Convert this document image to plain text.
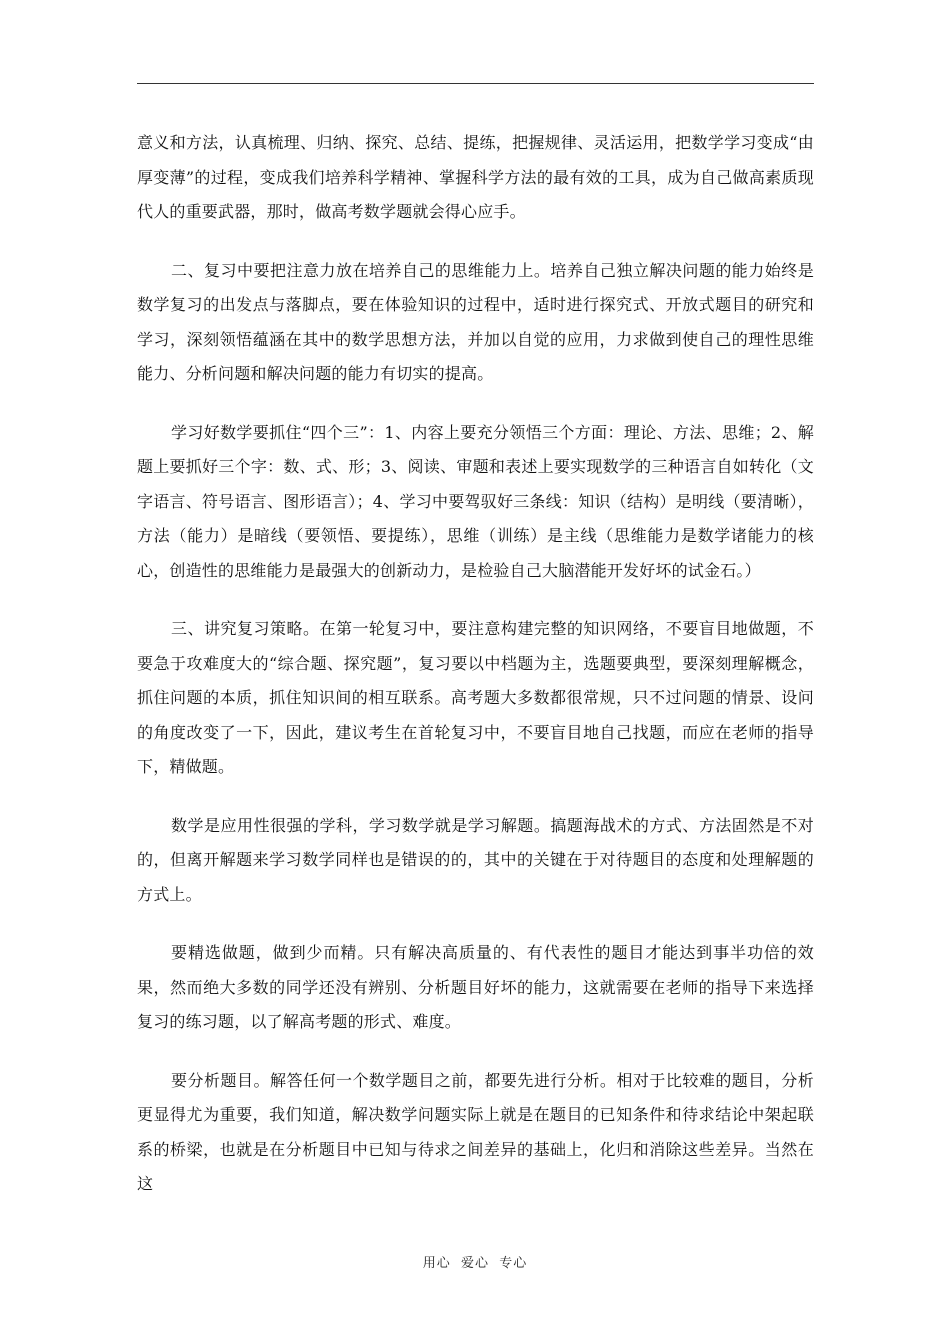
意义和方法，认真梳理、归纳、探究、总结、提练，把握规律、灵活运用，把数学学习变成“由厚变薄”的过程，变成我们培养科学精神、掌握科学方法的最有效的工具，成为自己做高素质现代人的重要武器，那时，做高考数学题就会得心应手。

二、复习中要把注意力放在培养自己的思维能力上。培养自己独立解决问题的能力始终是数学复习的出发点与落脚点，要在体验知识的过程中，适时进行探究式、开放式题目的研究和学习，深刻领悟蕴涵在其中的数学思想方法，并加以自觉的应用，力求做到使自己的理性思维能力、分析问题和解决问题的能力有切实的提高。

学习好数学要抓住“四个三”：1、内容上要充分领悟三个方面：理论、方法、思维；2、解题上要抓好三个字：数、式、形；3、阅读、审题和表述上要实现数学的三种语言自如转化（文字语言、符号语言、图形语言）；4、学习中要驾驭好三条线：知识（结构）是明线（要清晰），方法（能力）是暗线（要领悟、要提练），思维（训练）是主线（思维能力是数学诸能力的核心，创造性的思维能力是最强大的创新动力，是检验自己大脑潜能开发好坏的试金石。）

三、讲究复习策略。在第一轮复习中，要注意构建完整的知识网络，不要盲目地做题，不要急于攻难度大的“综合题、探究题”，复习要以中档题为主，选题要典型，要深刻理解概念，抓住问题的本质，抓住知识间的相互联系。高考题大多数都很常规，只不过问题的情景、设问的角度改变了一下，因此，建议考生在首轮复习中，不要盲目地自己找题，而应在老师的指导下，精做题。

数学是应用性很强的学科，学习数学就是学习解题。搞题海战术的方式、方法固然是不对的，但离开解题来学习数学同样也是错误的的，其中的关键在于对待题目的态度和处理解题的方式上。

要精选做题，做到少而精。只有解决高质量的、有代表性的题目才能达到事半功倍的效果，然而绝大多数的同学还没有辨别、分析题目好坏的能力，这就需要在老师的指导下来选择复习的练习题，以了解高考题的形式、难度。

要分析题目。解答任何一个数学题目之前，都要先进行分析。相对于比较难的题目，分析更显得尤为重要，我们知道，解决数学问题实际上就是在题目的已知条件和待求结论中架起联系的桥梁，也就是在分析题目中已知与待求之间差异的基础上，化归和消除这些差异。当然在这

用心  爱心  专心
